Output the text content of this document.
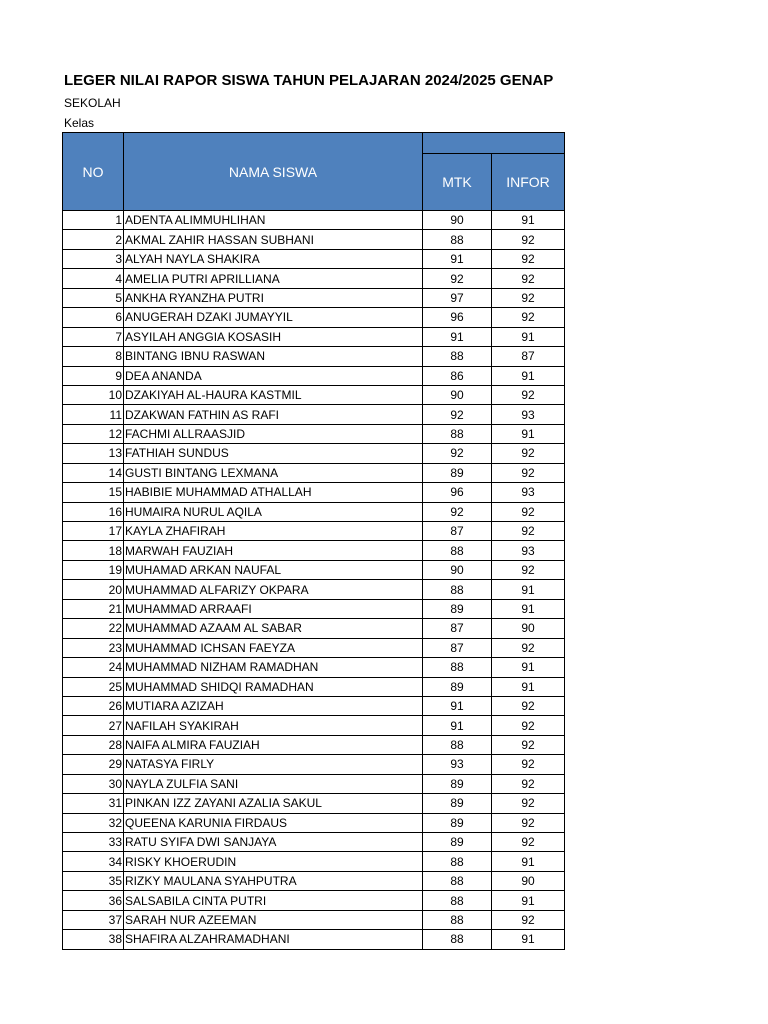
LEGER NILAI RAPOR SISWA TAHUN PELAJARAN 2024/2025 GENAP
SEKOLAH
Kelas
NO	NAMA SISWA		
		MTK	INFOR
1	ADENTA ALIMMUHLIHAN	90	91
2	AKMAL ZAHIR HASSAN SUBHANI	88	92
3	ALYAH NAYLA SHAKIRA	91	92
4	AMELIA PUTRI APRILLIANA	92	92
5	ANKHA RYANZHA PUTRI	97	92
6	ANUGERAH DZAKI JUMAYYIL	96	92
7	ASYILAH ANGGIA KOSASIH	91	91
8	BINTANG IBNU RASWAN	88	87
9	DEA ANANDA	86	91
10	DZAKIYAH AL-HAURA KASTMIL	90	92
11	DZAKWAN FATHIN AS RAFI	92	93
12	FACHMI ALLRAASJID	88	91
13	FATHIAH SUNDUS	92	92
14	GUSTI BINTANG LEXMANA	89	92
15	HABIBIE MUHAMMAD ATHALLAH	96	93
16	HUMAIRA NURUL AQILA	92	92
17	KAYLA ZHAFIRAH	87	92
18	MARWAH FAUZIAH	88	93
19	MUHAMAD ARKAN NAUFAL	90	92
20	MUHAMMAD ALFARIZY OKPARA	88	91
21	MUHAMMAD ARRAAFI	89	91
22	MUHAMMAD AZAAM AL SABAR	87	90
23	MUHAMMAD ICHSAN FAEYZA	87	92
24	MUHAMMAD NIZHAM RAMADHAN	88	91
25	MUHAMMAD SHIDQI RAMADHAN	89	91
26	MUTIARA AZIZAH	91	92
27	NAFILAH SYAKIRAH	91	92
28	NAIFA ALMIRA FAUZIAH	88	92
29	NATASYA FIRLY	93	92
30	NAYLA ZULFIA SANI	89	92
31	PINKAN IZZ ZAYANI AZALIA SAKUL	89	92
32	QUEENA KARUNIA FIRDAUS	89	92
33	RATU SYIFA DWI SANJAYA	89	92
34	RISKY KHOERUDIN	88	91
35	RIZKY MAULANA SYAHPUTRA	88	90
36	SALSABILA CINTA PUTRI	88	91
37	SARAH NUR AZEEMAN	88	92
38	SHAFIRA ALZAHRAMADHANI	88	91
